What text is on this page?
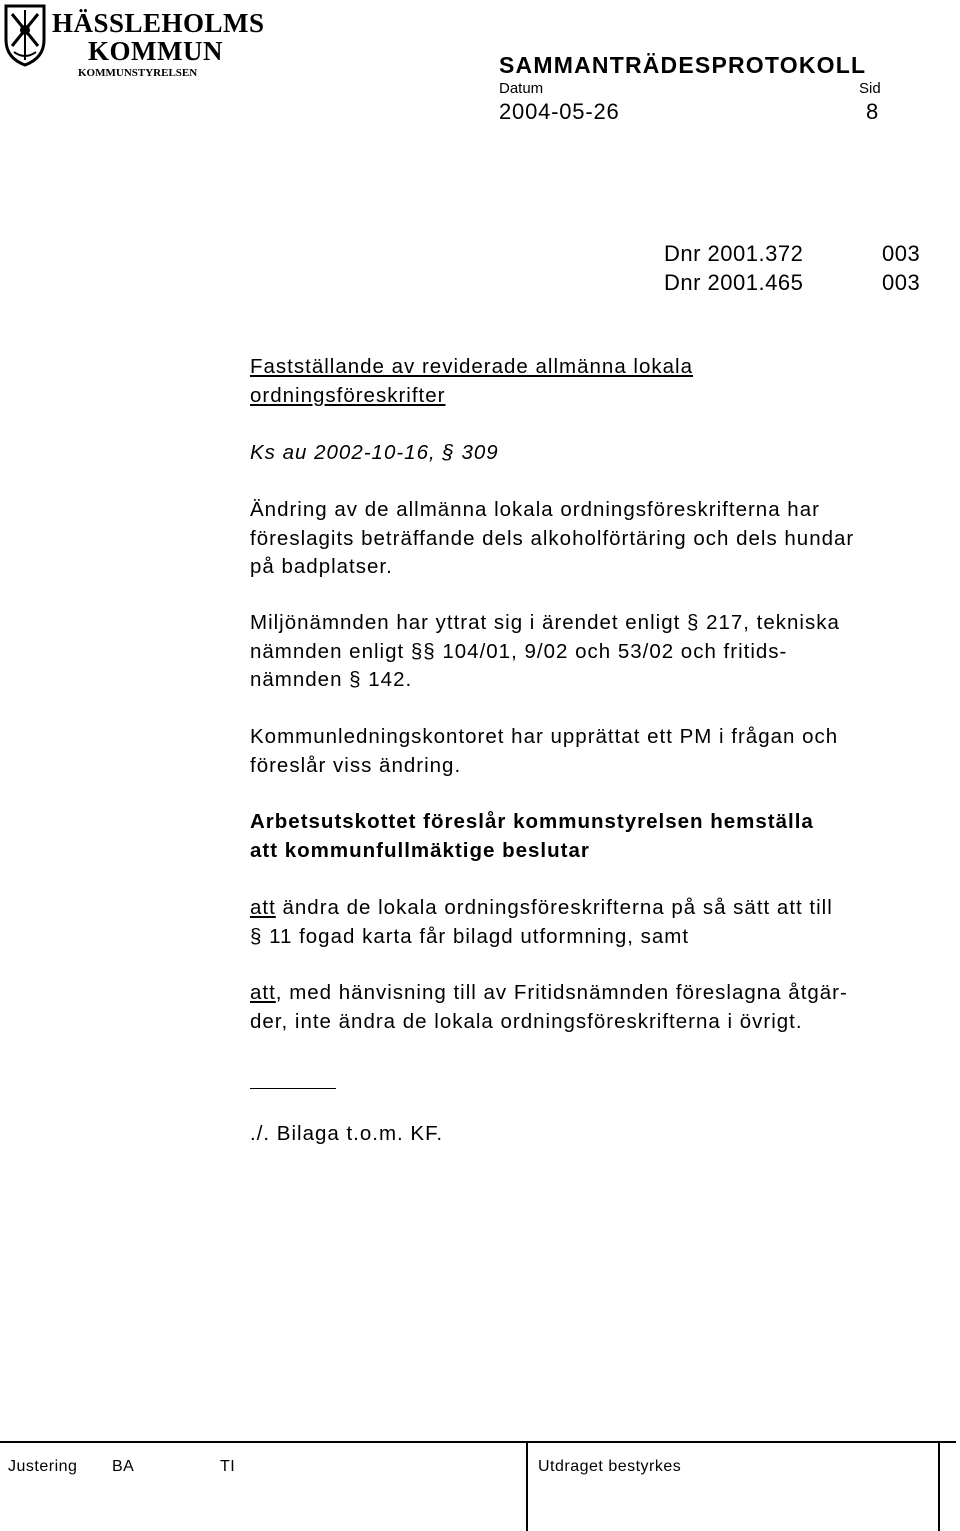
HÄSSLEHOLMS
KOMMUN
KOMMUNSTYRELSEN	SAMMANTRÄDESPROTOKOLL
Datum	Sid
2004-05-26	8
Dnr 2001.372	003
Dnr 2001.465	003
Fastställande av reviderade allmänna lokala
ordningsföreskrifter
Ks au 2002-10-16, § 309
Ändring av de allmänna lokala ordningsföreskrifterna har
föreslagits beträffande dels alkoholförtäring och dels hundar
på badplatser.
Miljönämnden har yttrat sig i ärendet enligt § 217, tekniska
nämnden enligt §§ 104/01, 9/02 och 53/02 och fritids-
nämnden § 142.
Kommunledningskontoret har upprättat ett PM i frågan och
föreslår viss ändring.
Arbetsutskottet föreslår kommunstyrelsen hemställa
att kommunfullmäktige beslutar
att ändra de lokala ordningsföreskrifterna på så sätt att till
§ 11 fogad karta får bilagd utformning, samt
att, med hänvisning till av Fritidsnämnden föreslagna åtgär-
der, inte ändra de lokala ordningsföreskrifterna i övrigt.
./. Bilaga t.o.m. KF.
Justering BA	TI	Utdraget bestyrkes
